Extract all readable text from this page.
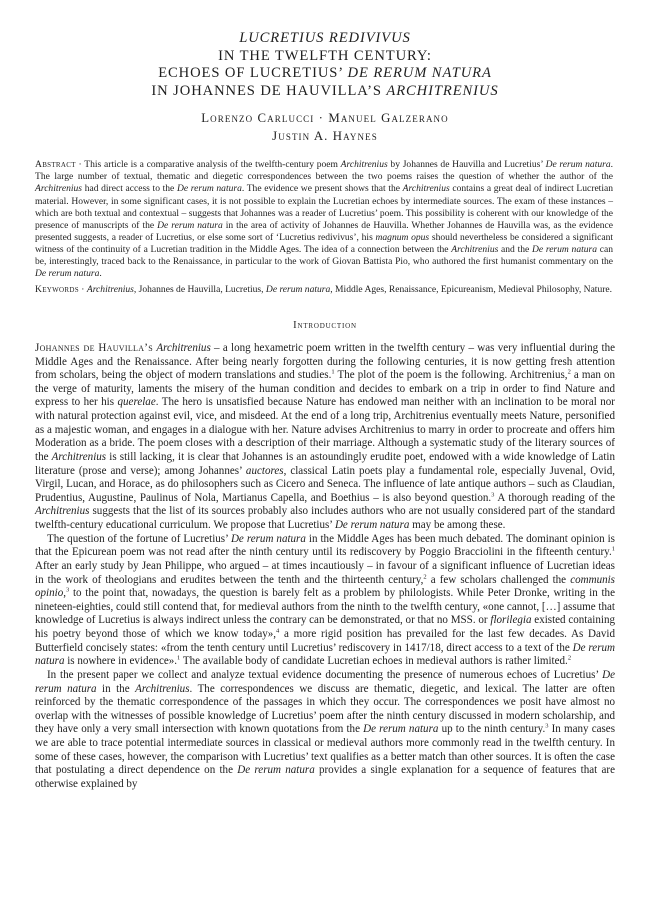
LUCRETIUS REDIVIVUS
IN THE TWELFTH CENTURY:
ECHOES OF LUCRETIUS’ DE RERUM NATURA
IN JOHANNES DE HAUVILLA’S ARCHITRENIUS
Lorenzo Carlucci · Manuel Galzerano
Justin A. Haynes
Abstract · This article is a comparative analysis of the twelfth-century poem Architrenius by Johannes de Hauvilla and Lucretius’ De rerum natura. The large number of textual, thematic and diegetic correspondences between the two poems raises the question of whether the author of the Architrenius had direct access to the De rerum natura. The evidence we present shows that the Architrenius contains a great deal of indirect Lucretian material. However, in some significant cases, it is not possible to explain the Lucretian echoes by intermediate sources. The exam of these instances – which are both textual and contextual – suggests that Johannes was a reader of Lucretius’ poem. This possibility is coherent with our knowledge of the presence of manuscripts of the De rerum natura in the area of activity of Johannes de Hauvilla. Whether Johannes de Hauvilla was, as the evidence presented suggests, a reader of Lucretius, or else some sort of ‘Lucretius redivivus’, his magnum opus should nevertheless be considered a significant witness of the continuity of a Lucretian tradition in the Middle Ages. The idea of a connection between the Architrenius and the De rerum natura can be, interestingly, traced back to the Renaissance, in particular to the work of Giovan Battista Pio, who authored the first humanist commentary on the De rerum natura.
Keywords · Architrenius, Johannes de Hauvilla, Lucretius, De rerum natura, Middle Ages, Renaissance, Epicureanism, Medieval Philosophy, Nature.
Introduction

Johannes de Hauvilla’s Architrenius – a long hexametric poem written in the twelfth century – was very influential during the Middle Ages and the Renaissance. After being nearly forgotten during the following centuries, it is now getting fresh attention from scholars, being the object of modern translations and studies.$^1$ The plot of the poem is the following. Architrenius,$^2$ a man on the verge of maturity, laments the misery of the human condition and decides to embark on a trip in order to find Nature and express to her his querelae. The hero is unsatisfied because Nature has endowed man neither with an inclination to be moral nor with natural protection against evil, vice, and misdeed. At the end of a long trip, Architrenius eventually meets Nature, personified as a majestic woman, and engages in a dialogue with her. Nature advises Architrenius to marry in order to procreate and offers him Moderation as a bride. The poem closes with a description of their marriage. Although a systematic study of the literary sources of the Architrenius is still lacking, it is clear that Johannes is an astoundingly erudite poet, endowed with a wide knowledge of Latin literature (prose and verse); among Johannes’ auctores, classical Latin poets play a fundamental role, especially Juvenal, Ovid, Virgil, Lucan, and Horace, as do philosophers such as Cicero and Seneca. The influence of late antique authors – such as Claudian, Prudentius, Augustine, Paulinus of Nola, Martianus Capella, and Boethius – is also beyond question.$^3$ A thorough reading of the Architrenius suggests that the list of its sources probably also includes authors who are not usually considered part of the standard twelfth-century educational curriculum. We propose that Lucretius’ De rerum natura may be among these.

The question of the fortune of Lucretius’ De rerum natura in the Middle Ages has been much debated. The dominant opinion is that the Epicurean poem was not read after the ninth century until its rediscovery by Poggio Bracciolini in the fifteenth century.$^1$ After an early study by Jean Philippe, who argued – at times incautiously – in favour of a significant influence of Lucretian ideas in the work of theologians and erudites between the tenth and the thirteenth century,$^2$ a few scholars challenged the communis opinio,$^3$ to the point that, nowadays, the question is barely felt as a problem by philologists. While Peter Dronke, writing in the nineteen-eighties, could still contend that, for medieval authors from the ninth to the twelfth century, «one cannot, […] assume that knowledge of Lucretius is always indirect unless the contrary can be demonstrated, or that no MSS. or florilegia existed containing his poetry beyond those of which we know today»,$^4$ a more rigid position has prevailed for the last few decades. As David Butterfield concisely states: «from the tenth century until Lucretius’ rediscovery in 1417/18, direct access to a text of the De rerum natura is nowhere in evidence».$^1$ The available body of candidate Lucretian echoes in medieval authors is rather limited.$^2$

In the present paper we collect and analyze textual evidence documenting the presence of numerous echoes of Lucretius’ De rerum natura in the Architrenius. The correspondences we discuss are thematic, diegetic, and lexical. The latter are often reinforced by the thematic correspondence of the passages in which they occur. The correspondences we posit have almost no overlap with the witnesses of possible knowledge of Lucretius’ poem after the ninth century discussed in modern scholarship, and they have only a very small intersection with known quotations from the De rerum natura up to the ninth century.$^3$ In many cases we are able to trace potential intermediate sources in classical or medieval authors more commonly read in the twelfth century. In some of these cases, however, the comparison with Lucretius’ text qualifies as a better match than other sources. It is often the case that postulating a direct dependence on the De rerum natura provides a single explanation for a sequence of features that are otherwise explained by
